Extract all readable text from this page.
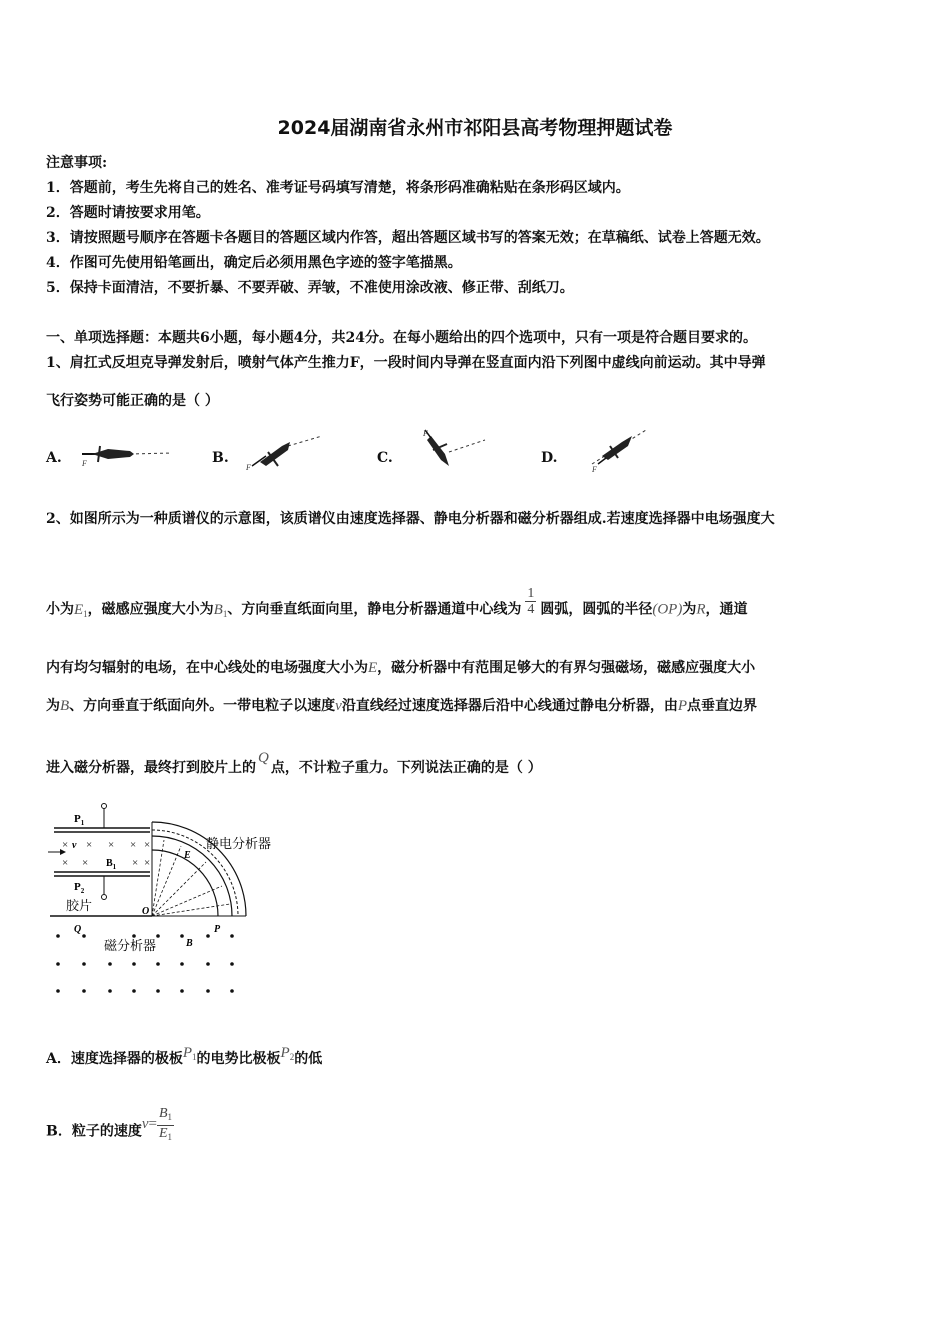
2024届湖南省永州市祁阳县高考物理押题试卷
注意事项:
1．答题前，考生先将自己的姓名、准考证号码填写清楚，将条形码准确粘贴在条形码区域内。
2．答题时请按要求用笔。
3．请按照题号顺序在答题卡各题目的答题区域内作答，超出答题区域书写的答案无效；在草稿纸、试卷上答题无效。
4．作图可先使用铅笔画出，确定后必须用黑色字迹的签字笔描黑。
5．保持卡面清洁，不要折暴、不要弄破、弄皱，不准使用涂改液、修正带、刮纸刀。
一、单项选择题：本题共6小题，每小题4分，共24分。在每小题给出的四个选项中，只有一项是符合题目要求的。
1、肩扛式反坦克导弹发射后，喷射气体产生推力F，一段时间内导弹在竖直面内沿下列图中虚线向前运动。其中导弹
飞行姿势可能正确的是（ ）
A.	F	B.
F
C.
F
D.
F
2、如图所示为一种质谱仪的示意图，该质谱仪由速度选择器、静电分析器和磁分析器组成.若速度选择器中电场强度大
小为$E_1$，磁感应强度大小为$B_1$、方向垂直纸面向里，静电分析器通道中心线为 $\frac{1}{4}$ 圆弧，圆弧的半径(OP)为R，通道
内有均匀辐射的电场，在中心线处的电场强度大小为E，磁分析器中有范围足够大的有界匀强磁场，磁感应强度大小
为B、方向垂直于纸面向外。一带电粒子以速度v沿直线经过速度选择器后沿中心线通过静电分析器，由P点垂直边界
进入磁分析器，最终打到胶片上的Q点，不计粒子重力。下列说法正确的是（ ）
$P_1$
$P_2$
× × × ×
× ×	× ×
×
v
$B_1$
E
静电分析器
胶片	O
Q	P
B
磁分析器
A．速度选择器的极板$P_1$的电势比极板$P_2$的低
B．粒子的速度$v= \frac{B_1}{E_1}$
